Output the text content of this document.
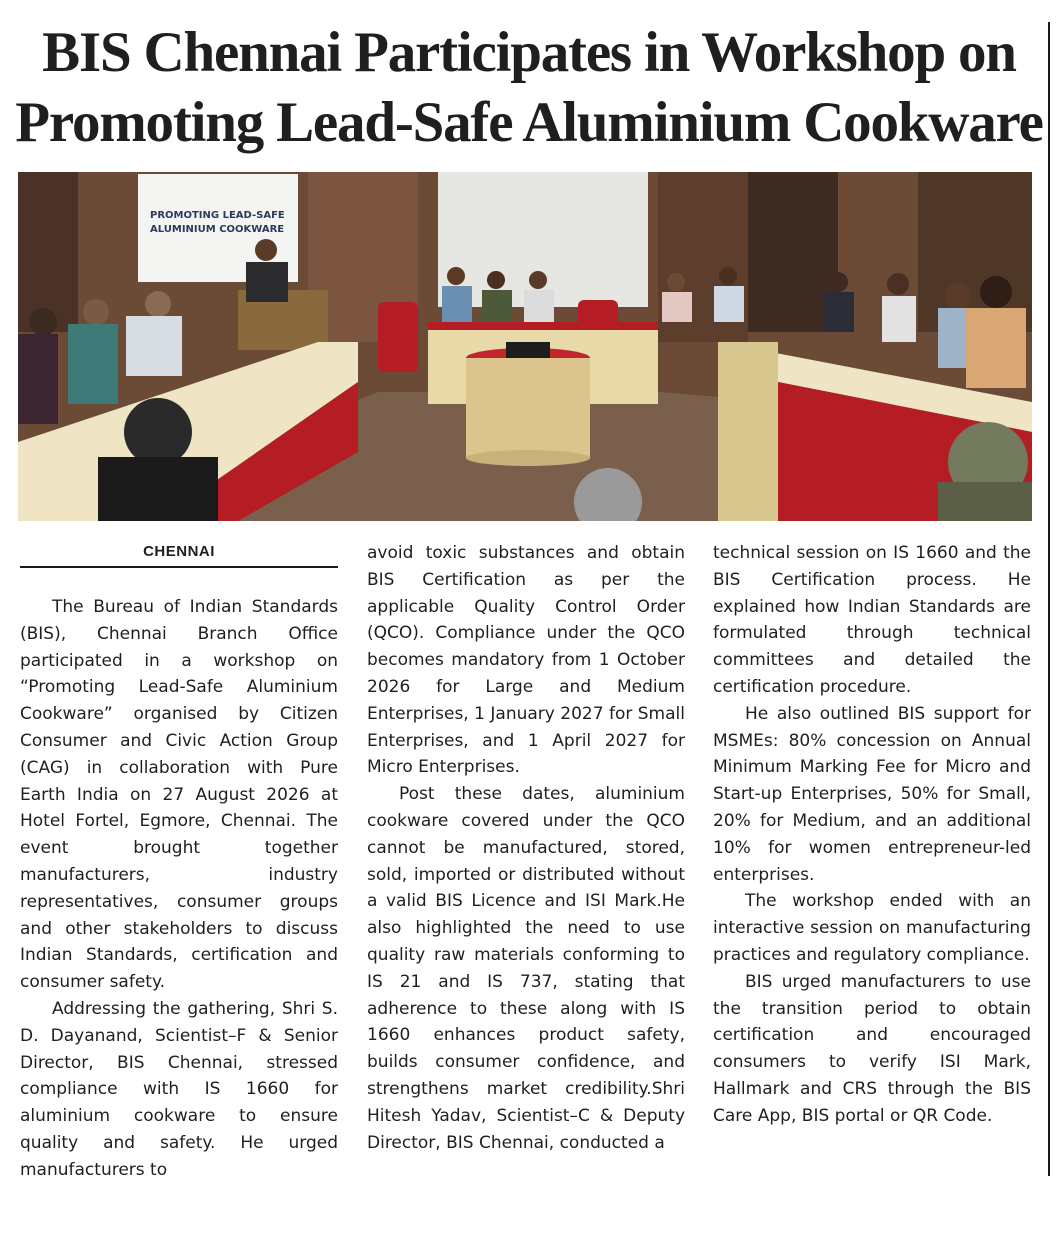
BIS Chennai Participates in Workshop on
Promoting Lead-Safe Aluminium Cookware
PROMOTING LEAD-SAFE
ALUMINIUM COOKWARE
CHENNAI

The Bureau of Indian Standards (BIS), Chennai Branch Office participated in a workshop on “Promoting Lead-Safe Aluminium Cookware” organised by Citizen Consumer and Civic Action Group (CAG) in collaboration with Pure Earth India on 27 August 2026 at Hotel Fortel, Egmore, Chennai. The event brought together manufacturers, industry representatives, consumer groups and other stakeholders to discuss Indian Standards, certification and consumer safety.

Addressing the gathering, Shri S. D. Dayanand, Scientist–F & Senior Director, BIS Chennai, stressed compliance with IS 1660 for aluminium cookware to ensure quality and safety. He urged manufacturers to

avoid toxic substances and obtain BIS Certification as per the applicable Quality Control Order (QCO). Compliance under the QCO becomes mandatory from 1 October 2026 for Large and Medium Enterprises, 1 January 2027 for Small Enterprises, and 1 April 2027 for Micro Enterprises.

Post these dates, aluminium cookware covered under the QCO cannot be manufactured, stored, sold, imported or distributed without a valid BIS Licence and ISI Mark.He also highlighted the need to use quality raw materials conforming to IS 21 and IS 737, stating that adherence to these along with IS 1660 enhances product safety, builds consumer confidence, and strengthens market credibility.Shri Hitesh Yadav, Scientist–C & Deputy Director, BIS Chennai, conducted a

technical session on IS 1660 and the BIS Certification process. He explained how Indian Standards are formulated through technical committees and detailed the certification procedure.

He also outlined BIS support for MSMEs: 80% concession on Annual Minimum Marking Fee for Micro and Start-up Enterprises, 50% for Small, 20% for Medium, and an additional 10% for women entrepreneur-led enterprises.

The workshop ended with an interactive session on manufacturing practices and regulatory compliance.

BIS urged manufacturers to use the transition period to obtain certification and encouraged consumers to verify ISI Mark, Hallmark and CRS through the BIS Care App, BIS portal or QR Code.
